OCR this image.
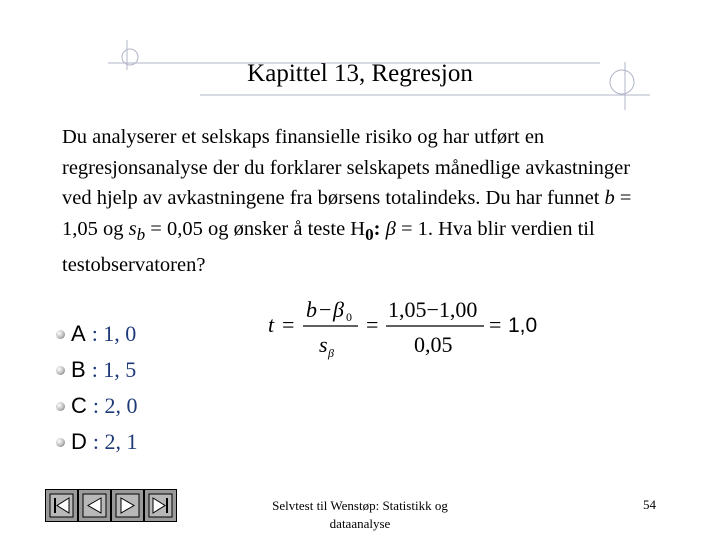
Kapittel 13, Regresjon
Du analyserer et selskaps finansielle risiko og har utført en regresjonsanalyse der du forklarer selskapets månedlige avkastninger ved hjelp av avkastningene fra børsens totalindeks. Du har funnet b = 1,05 og $s_b = 0,05$ og ønsker å teste $H_0$: β = 1. Hva blir verdien til testobservatoren?
A : 1, 0
B : 1, 5
C : 2, 0
D : 2, 1
t =
b − β 0
s β
=
1,05−1,00
0,05
= 1,0
Selvtest til Wenstøp: Statistikk og
dataanalyse
54
